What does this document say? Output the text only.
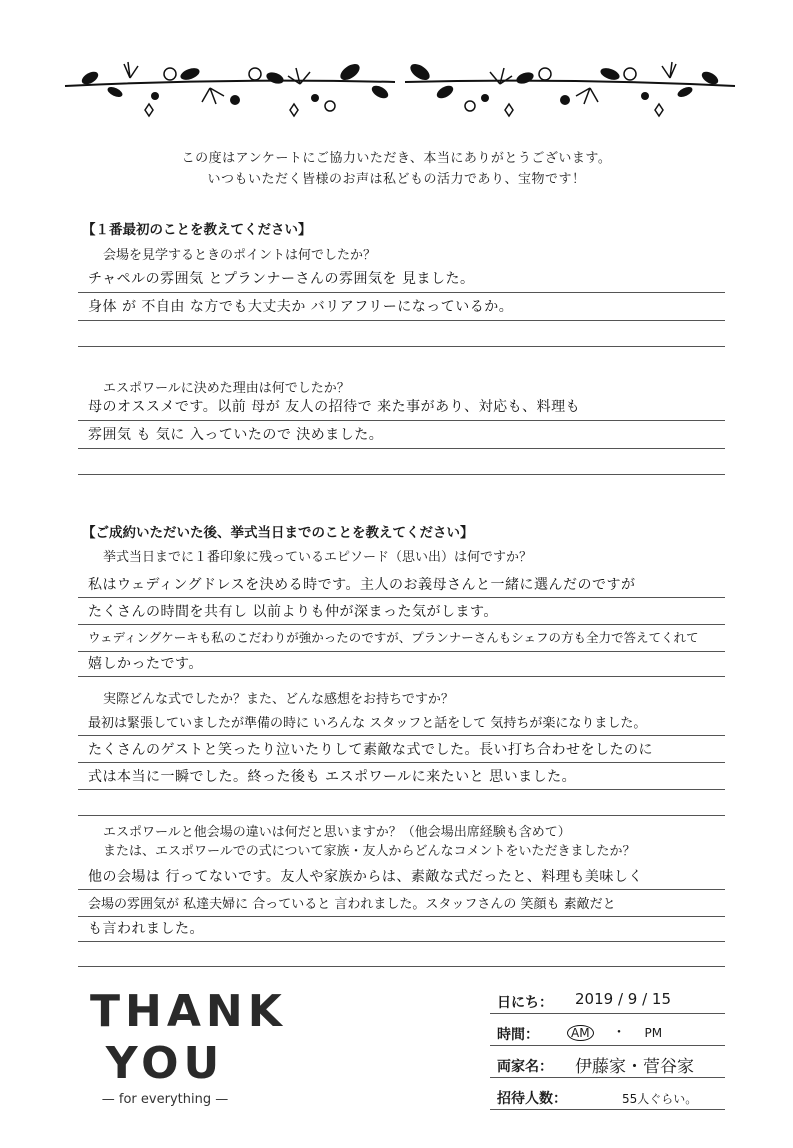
この度はアンケートにご協力いただき、本当にありがとうございます。
いつもいただく皆様のお声は私どもの活力であり、宝物です！
【１番最初のことを教えてください】
会場を見学するときのポイントは何でしたか？
チャペルの雰囲気 とプランナーさんの雰囲気を 見ました。
身体 が 不自由 な方でも大丈夫か バリアフリーになっているか。
エスポワールに決めた理由は何でしたか？
母のオススメです。以前 母が 友人の招待で 来た事があり、対応も、料理も
雰囲気 も 気に 入っていたので 決めました。
【ご成約いただいた後、挙式当日までのことを教えてください】
挙式当日までに１番印象に残っているエピソード（思い出）は何ですか？
私はウェディングドレスを決める時です。主人のお義母さんと一緒に選んだのですが
たくさんの時間を共有し 以前よりも仲が深まった気がします。
ウェディングケーキも私のこだわりが強かったのですが、プランナーさんもシェフの方も全力で答えてくれて
嬉しかったです。
実際どんな式でしたか？また、どんな感想をお持ちですか？
最初は緊張していましたが準備の時に いろんな スタッフと話をして 気持ちが楽になりました。
たくさんのゲストと笑ったり泣いたりして素敵な式でした。長い打ち合わせをしたのに
式は本当に一瞬でした。終った後も エスポワールに来たいと 思いました。
エスポワールと他会場の違いは何だと思いますか？（他会場出席経験も含めて）
または、エスポワールでの式について家族・友人からどんなコメントをいただきましたか？
他の会場は 行ってないです。友人や家族からは、素敵な式だったと、料理も美味しく
会場の雰囲気が 私達夫婦に 合っていると 言われました。スタッフさんの 笑顔も 素敵だと
も言われました。
THANK
YOU
— for everything —
日にち： 2019 / 9 / 15
時間：	AM ・ PM
両家名： 伊藤家・菅谷家
招待人数：	55人ぐらい。
